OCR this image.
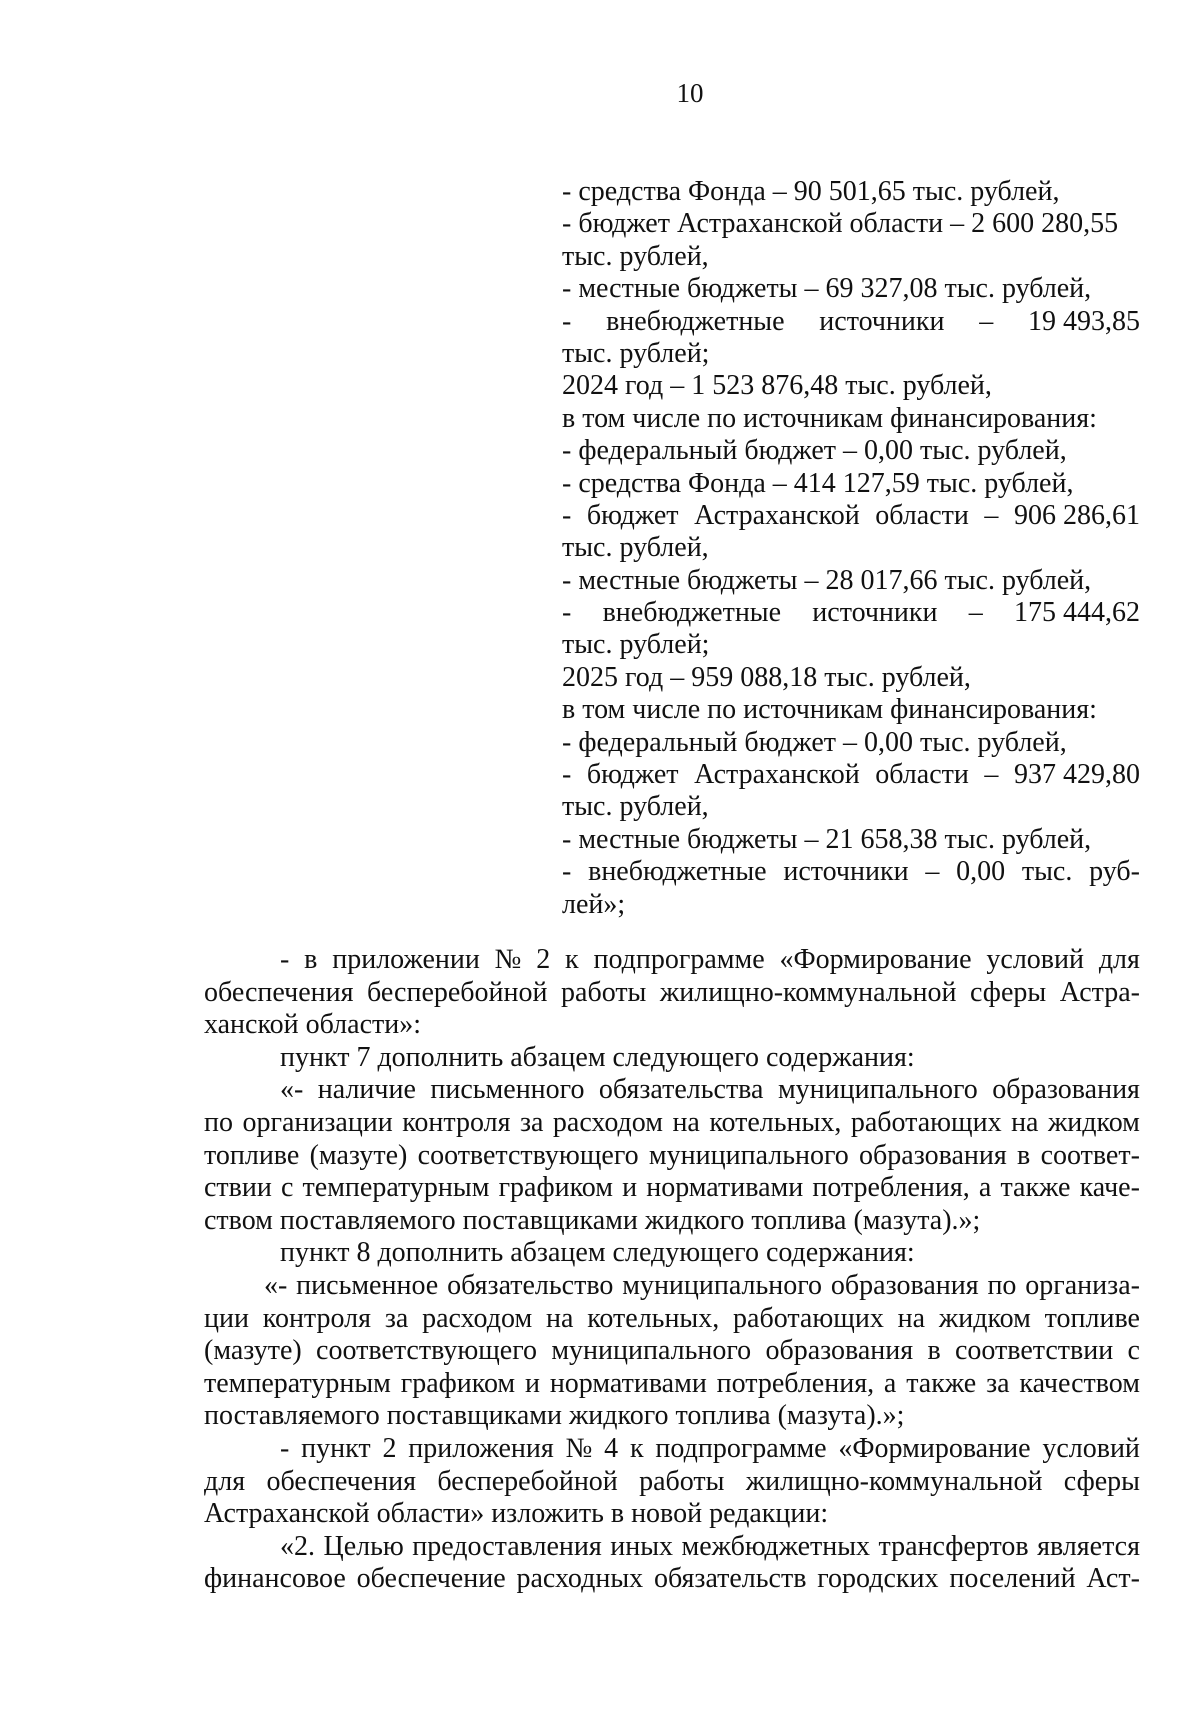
10
- средства Фонда – 90 501,65 тыс. рублей,
- бюджет Астраханской области – 2 600 280,55
тыс. рублей,
- местные бюджеты – 69 327,08 тыс. рублей,
- внебюджетные источники – 19 493,85
тыс. рублей;
2024 год – 1 523 876,48 тыс. рублей,
в том числе по источникам финансирования:
- федеральный бюджет – 0,00 тыс. рублей,
- средства Фонда – 414 127,59 тыс. рублей,
- бюджет Астраханской области – 906 286,61
тыс. рублей,
- местные бюджеты – 28 017,66 тыс. рублей,
- внебюджетные источники – 175 444,62
тыс. рублей;
2025 год – 959 088,18 тыс. рублей,
в том числе по источникам финансирования:
- федеральный бюджет – 0,00 тыс. рублей,
- бюджет Астраханской области – 937 429,80
тыс. рублей,
- местные бюджеты – 21 658,38 тыс. рублей,
- внебюджетные источники – 0,00 тыс. руб-
лей»;
- в приложении № 2 к подпрограмме «Формирование условий для
обеспечения бесперебойной работы жилищно-коммунальной сферы Астра-
ханской области»:
пункт 7 дополнить абзацем следующего содержания:
«- наличие письменного обязательства муниципального образования
по организации контроля за расходом на котельных, работающих на жидком
топливе (мазуте) соответствующего муниципального образования в соответ-
ствии с температурным графиком и нормативами потребления, а также каче-
ством поставляемого поставщиками жидкого топлива (мазута).»;
пункт 8 дополнить абзацем следующего содержания:
«- письменное обязательство муниципального образования по организа-
ции контроля за расходом на котельных, работающих на жидком топливе
(мазуте) соответствующего муниципального образования в соответствии с
температурным графиком и нормативами потребления, а также за качеством
поставляемого поставщиками жидкого топлива (мазута).»;
- пункт 2 приложения № 4 к подпрограмме «Формирование условий
для обеспечения бесперебойной работы жилищно-коммунальной сферы
Астраханской области» изложить в новой редакции:
«2. Целью предоставления иных межбюджетных трансфертов является
финансовое обеспечение расходных обязательств городских поселений Аст-
